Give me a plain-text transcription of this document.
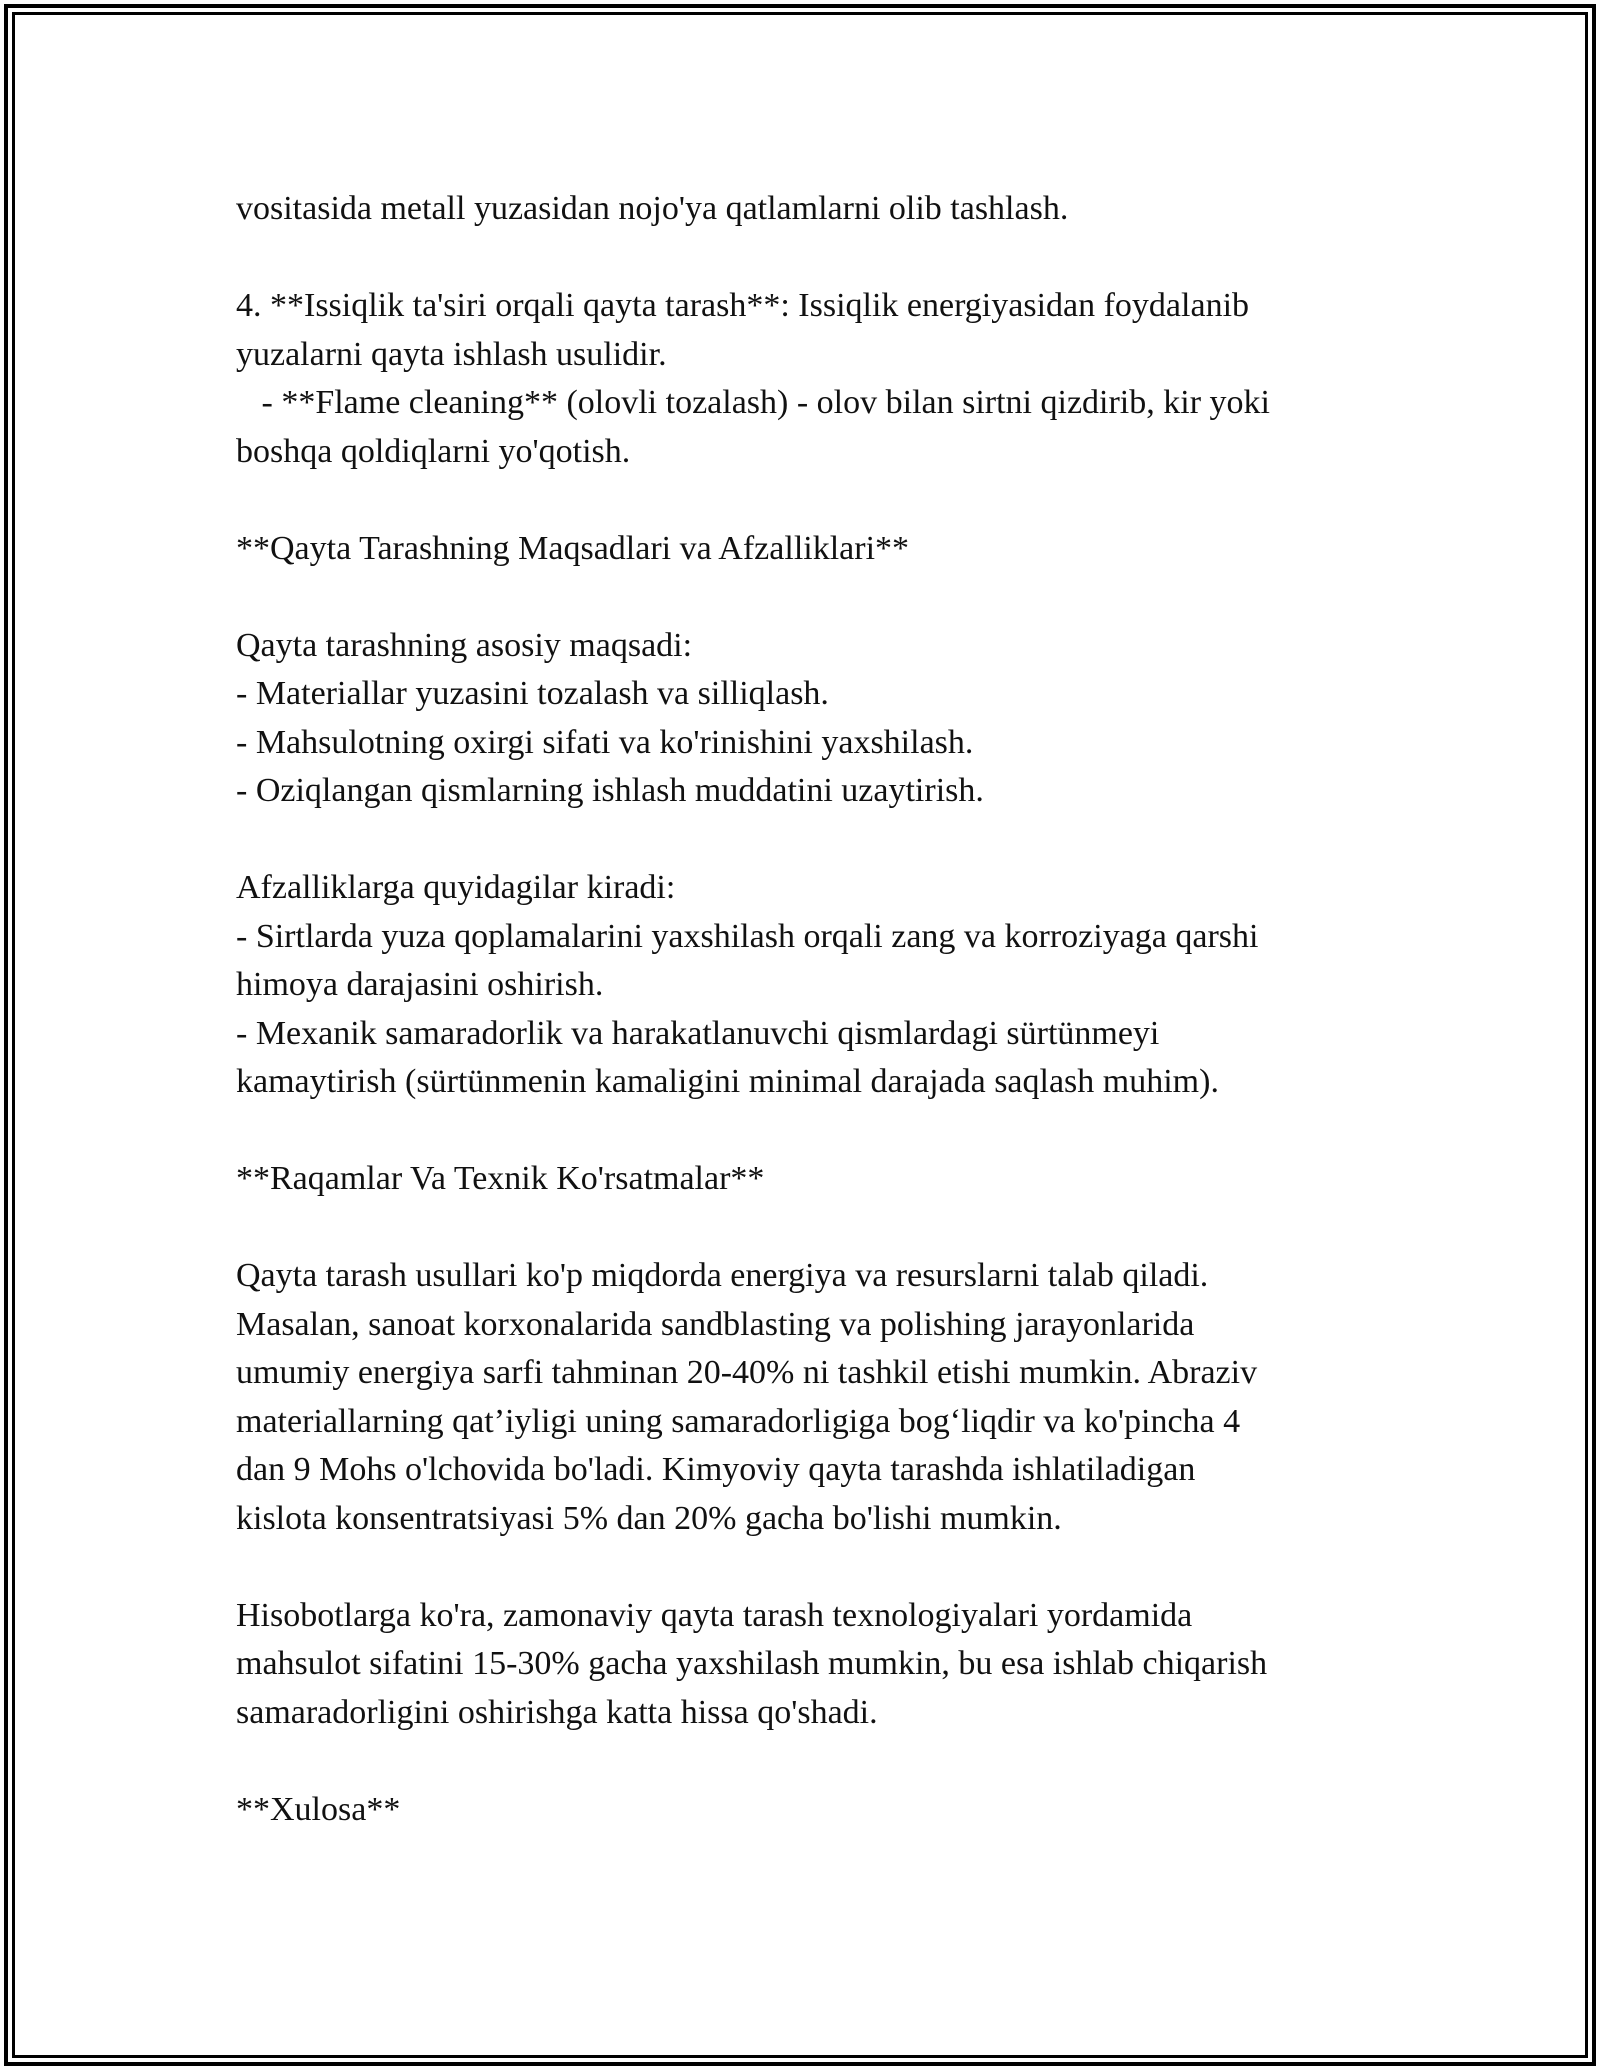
vositasida metall yuzasidan nojo'ya qatlamlarni olib tashlash.
4. **Issiqlik ta'siri orqali qayta tarash**: Issiqlik energiyasidan foydalanib
yuzalarni qayta ishlash usulidir.
- **Flame cleaning** (olovli tozalash) - olov bilan sirtni qizdirib, kir yoki
boshqa qoldiqlarni yo'qotish.
**Qayta Tarashning Maqsadlari va Afzalliklari**
Qayta tarashning asosiy maqsadi:
- Materiallar yuzasini tozalash va silliqlash.
- Mahsulotning oxirgi sifati va ko'rinishini yaxshilash.
- Oziqlangan qismlarning ishlash muddatini uzaytirish.
Afzalliklarga quyidagilar kiradi:
- Sirtlarda yuza qoplamalarini yaxshilash orqali zang va korroziyaga qarshi
himoya darajasini oshirish.
- Mexanik samaradorlik va harakatlanuvchi qismlardagi sürtünmeyi
kamaytirish (sürtünmenin kamaligini minimal darajada saqlash muhim).
**Raqamlar Va Texnik Ko'rsatmalar**
Qayta tarash usullari ko'p miqdorda energiya va resurslarni talab qiladi.
Masalan, sanoat korxonalarida sandblasting va polishing jarayonlarida
umumiy energiya sarfi tahminan 20-40% ni tashkil etishi mumkin. Abraziv
materiallarning qat’iyligi uning samaradorligiga bog‘liqdir va ko'pincha 4
dan 9 Mohs o'lchovida bo'ladi. Kimyoviy qayta tarashda ishlatiladigan
kislota konsentratsiyasi 5% dan 20% gacha bo'lishi mumkin.
Hisobotlarga ko'ra, zamonaviy qayta tarash texnologiyalari yordamida
mahsulot sifatini 15-30% gacha yaxshilash mumkin, bu esa ishlab chiqarish
samaradorligini oshirishga katta hissa qo'shadi.
**Xulosa**
